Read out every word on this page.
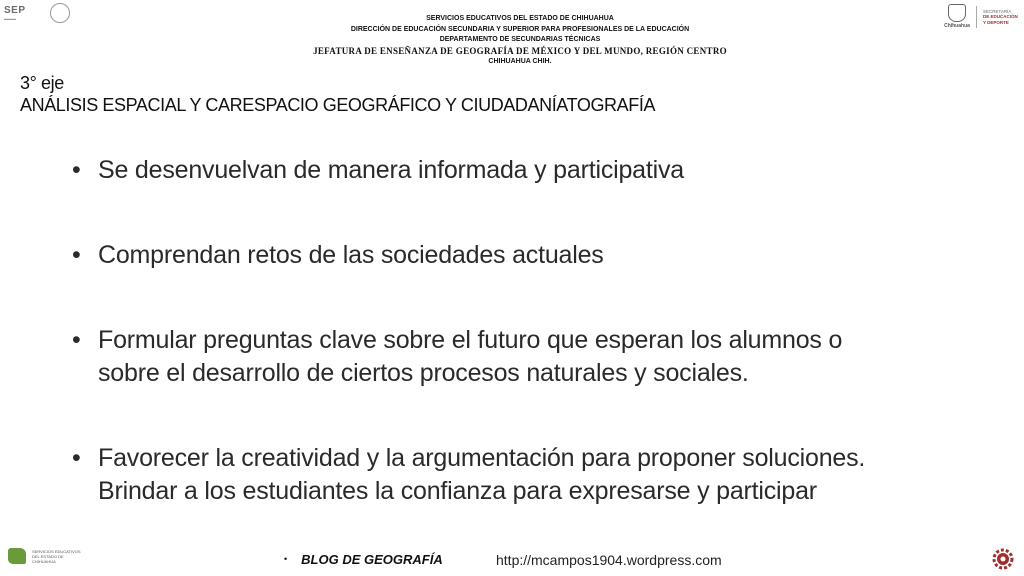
SEP
▬▬▬	SERVICIOS EDUCATIVOS DEL ESTADO DE CHIHUAHUA

DIRECCIÓN DE EDUCACIÓN SECUNDARIA Y SUPERIOR PARA PROFESIONALES DE LA EDUCACIÓN

DEPARTAMENTO DE SECUNDARIAS TÉCNICAS

JEFATURA DE ENSEÑANZA DE GEOGRAFÍA DE MÉXICO Y DEL MUNDO, REGIÓN CENTRO

CHIHUAHUA CHIH.

Chihuahua
SECRETARÍA
DE EDUCACIÓN
Y DEPORTE
3° eje
ANÁLISIS ESPACIAL Y CARESPACIO GEOGRÁFICO Y CIUDADANÍATOGRAFÍA
• Se desenvuelvan de manera informada y participativa
• Comprendan retos de las sociedades actuales
• Formular preguntas clave sobre el futuro que esperan los alumnos o
sobre el desarrollo de ciertos procesos naturales y sociales.
• Favorecer la creatividad y la argumentación para proponer soluciones.
Brindar a los estudiantes la confianza para expresarse y participar
SERVICIOS EDUCATIVOS
DEL ESTADO DE
CHIHUAHUA	• BLOG DE GEOGRAFÍA	http://mcampos1904.wordpress.com
